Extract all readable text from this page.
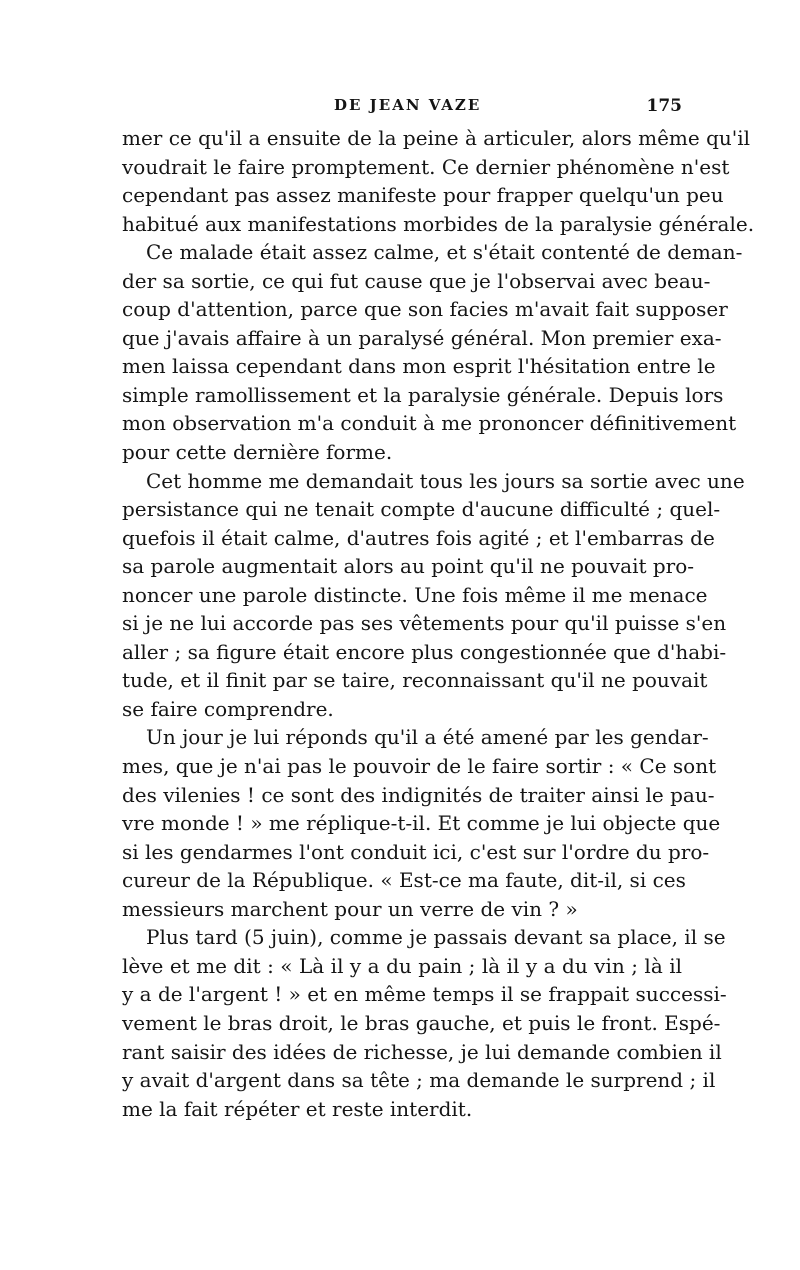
DE JEAN VAZE	175
mer ce qu'il a ensuite de la peine à articuler, alors même qu'il
voudrait le faire promptement. Ce dernier phénomène n'est
cependant pas assez manifeste pour frapper quelqu'un peu
habitué aux manifestations morbides de la paralysie générale.
Ce malade était assez calme, et s'était contenté de deman-
der sa sortie, ce qui fut cause que je l'observai avec beau-
coup d'attention, parce que son facies m'avait fait supposer
que j'avais affaire à un paralysé général. Mon premier exa-
men laissa cependant dans mon esprit l'hésitation entre le
simple ramollissement et la paralysie générale. Depuis lors
mon observation m'a conduit à me prononcer définitivement
pour cette dernière forme.
Cet homme me demandait tous les jours sa sortie avec une
persistance qui ne tenait compte d'aucune difficulté ; quel-
quefois il était calme, d'autres fois agité ; et l'embarras de
sa parole augmentait alors au point qu'il ne pouvait pro-
noncer une parole distincte. Une fois même il me menace
si je ne lui accorde pas ses vêtements pour qu'il puisse s'en
aller ; sa figure était encore plus congestionnée que d'habi-
tude, et il finit par se taire, reconnaissant qu'il ne pouvait
se faire comprendre.
Un jour je lui réponds qu'il a été amené par les gendar-
mes, que je n'ai pas le pouvoir de le faire sortir : « Ce sont
des vilenies ! ce sont des indignités de traiter ainsi le pau-
vre monde ! » me réplique-t-il. Et comme je lui objecte que
si les gendarmes l'ont conduit ici, c'est sur l'ordre du pro-
cureur de la République. « Est-ce ma faute, dit-il, si ces
messieurs marchent pour un verre de vin ? »
Plus tard (5 juin), comme je passais devant sa place, il se
lève et me dit : « Là il y a du pain ; là il y a du vin ; là il
y a de l'argent ! » et en même temps il se frappait successi-
vement le bras droit, le bras gauche, et puis le front. Espé-
rant saisir des idées de richesse, je lui demande combien il
y avait d'argent dans sa tête ; ma demande le surprend ; il
me la fait répéter et reste interdit.
